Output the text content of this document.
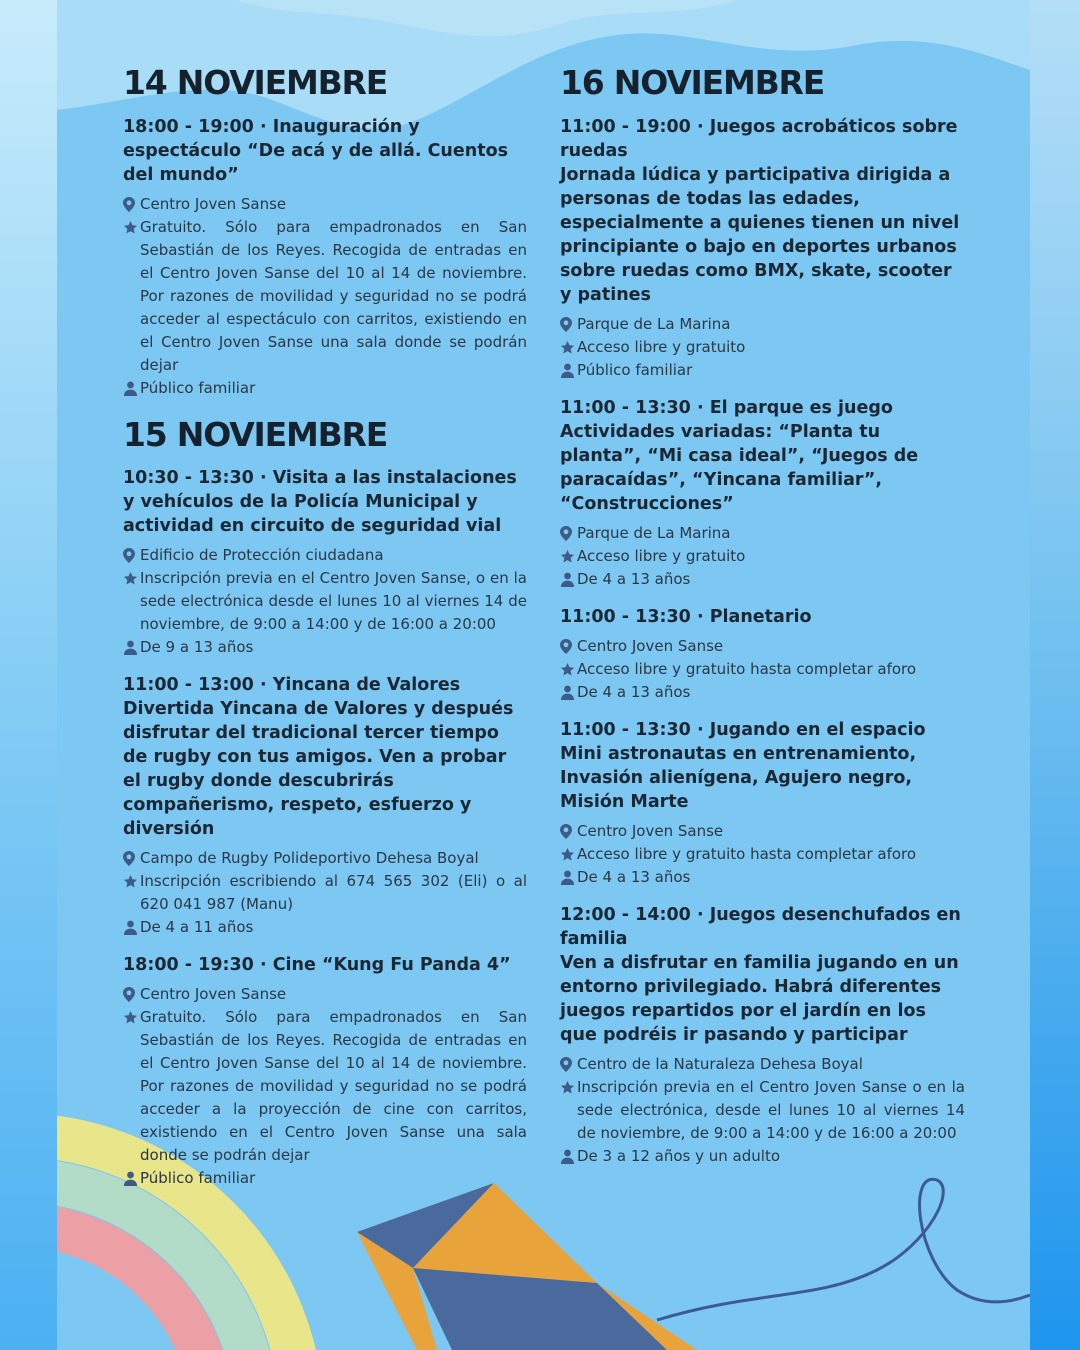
14 NOVIEMBRE
18:00 - 19:00 · Inauguración y espectáculo “De acá y de allá. Cuentos del mundo”
Centro Joven Sanse
Gratuito. Sólo para empadronados en San Sebastián de los Reyes. Recogida de entradas en el Centro Joven Sanse del 10 al 14 de noviembre. Por razones de movilidad y seguridad no se podrá acceder al espectáculo con carritos, existiendo en el Centro Joven Sanse una sala donde se podrán dejar
Público familiar
15 NOVIEMBRE
10:30 - 13:30 · Visita a las instalaciones y vehículos de la Policía Municipal y actividad en circuito de seguridad vial
Edificio de Protección ciudadana
Inscripción previa en el Centro Joven Sanse, o en la sede electrónica desde el lunes 10 al viernes 14 de noviembre, de 9:00 a 14:00 y de 16:00 a 20:00
De 9 a 13 años
11:00 - 13:00 · Yincana de Valores
Divertida Yincana de Valores y después disfrutar del tradicional tercer tiempo de rugby con tus amigos. Ven a probar el rugby donde descubrirás compañerismo, respeto, esfuerzo y diversión
Campo de Rugby Polideportivo Dehesa Boyal
Inscripción escribiendo al 674 565 302 (Eli) o al 620 041 987 (Manu)
De 4 a 11 años
18:00 - 19:30 · Cine “Kung Fu Panda 4”
Centro Joven Sanse
Gratuito. Sólo para empadronados en San Sebastián de los Reyes. Recogida de entradas en el Centro Joven Sanse del 10 al 14 de noviembre. Por razones de movilidad y seguridad no se podrá acceder a la proyección de cine con carritos, existiendo en el Centro Joven Sanse una sala donde se podrán dejar
Público familiar
16 NOVIEMBRE
11:00 - 19:00 · Juegos acrobáticos sobre ruedas
Jornada lúdica y participativa dirigida a personas de todas las edades, especialmente a quienes tienen un nivel principiante o bajo en deportes urbanos sobre ruedas como BMX, skate, scooter y patines
Parque de La Marina
Acceso libre y gratuito
Público familiar
11:00 - 13:30 · El parque es juego
Actividades variadas: “Planta tu planta”, “Mi casa ideal”, “Juegos de paracaídas”, “Yincana familiar”, “Construcciones”
Parque de La Marina
Acceso libre y gratuito
De 4 a 13 años
11:00 - 13:30 · Planetario
Centro Joven Sanse
Acceso libre y gratuito hasta completar aforo
De 4 a 13 años
11:00 - 13:30 · Jugando en el espacio
Mini astronautas en entrenamiento, Invasión alienígena, Agujero negro, Misión Marte
Centro Joven Sanse
Acceso libre y gratuito hasta completar aforo
De 4 a 13 años
12:00 - 14:00 · Juegos desenchufados en familia
Ven a disfrutar en familia jugando en un entorno privilegiado. Habrá diferentes juegos repartidos por el jardín en los que podréis ir pasando y participar
Centro de la Naturaleza Dehesa Boyal
Inscripción previa en el Centro Joven Sanse o en la sede electrónica, desde el lunes 10 al viernes 14 de noviembre, de 9:00 a 14:00 y de 16:00 a 20:00
De 3 a 12 años y un adulto
